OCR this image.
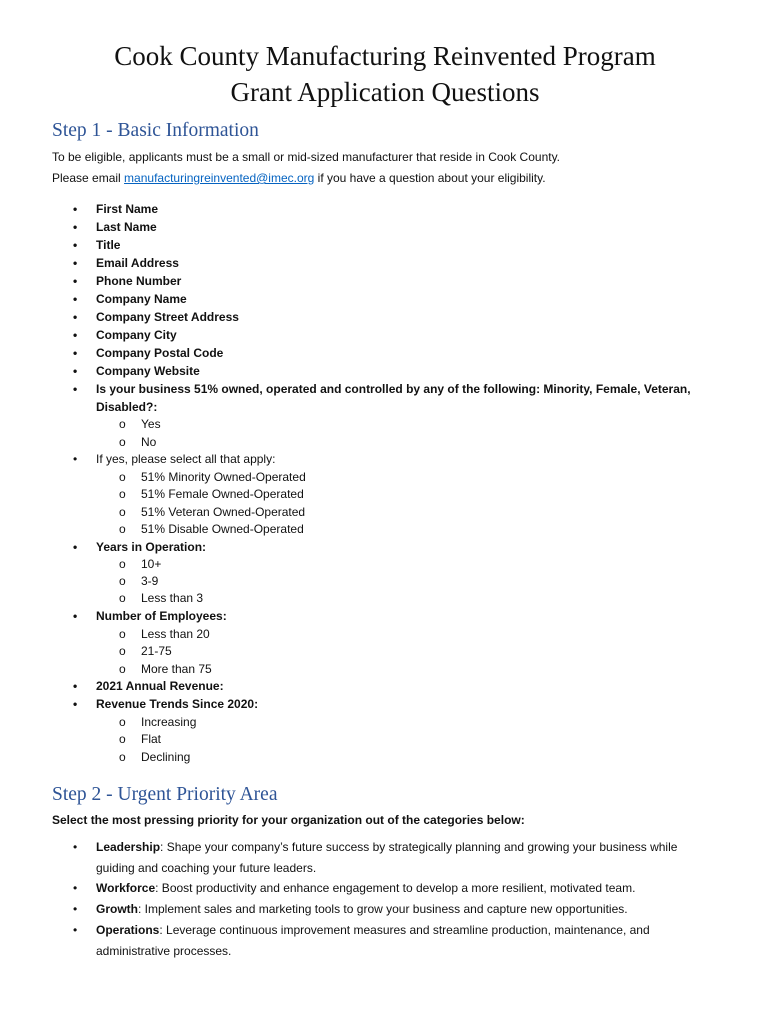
Cook County Manufacturing Reinvented Program
Grant Application Questions
Step 1 - Basic Information
To be eligible, applicants must be a small or mid-sized manufacturer that reside in Cook County.
Please email manufacturingreinvented@imec.org if you have a question about your eligibility.
• First Name
• Last Name
• Title
• Email Address
• Phone Number
• Company Name
• Company Street Address
• Company City
• Company Postal Code
• Company Website
• Is your business 51% owned, operated and controlled by any of the following: Minority, Female, Veteran,
Disabled?:
o Yes
o No
• If yes, please select all that apply:
o 51% Minority Owned-Operated
o 51% Female Owned-Operated
o 51% Veteran Owned-Operated
o 51% Disable Owned-Operated
• Years in Operation:
o 10+
o 3-9
o Less than 3
• Number of Employees:
o Less than 20
o 21-75
o More than 75
• 2021 Annual Revenue:
• Revenue Trends Since 2020:
o Increasing
o Flat
o Declining
Step 2 - Urgent Priority Area
Select the most pressing priority for your organization out of the categories below:
• Leadership: Shape your company’s future success by strategically planning and growing your business while
guiding and coaching your future leaders.
• Workforce: Boost productivity and enhance engagement to develop a more resilient, motivated team.
• Growth: Implement sales and marketing tools to grow your business and capture new opportunities.
• Operations: Leverage continuous improvement measures and streamline production, maintenance, and
administrative processes.
